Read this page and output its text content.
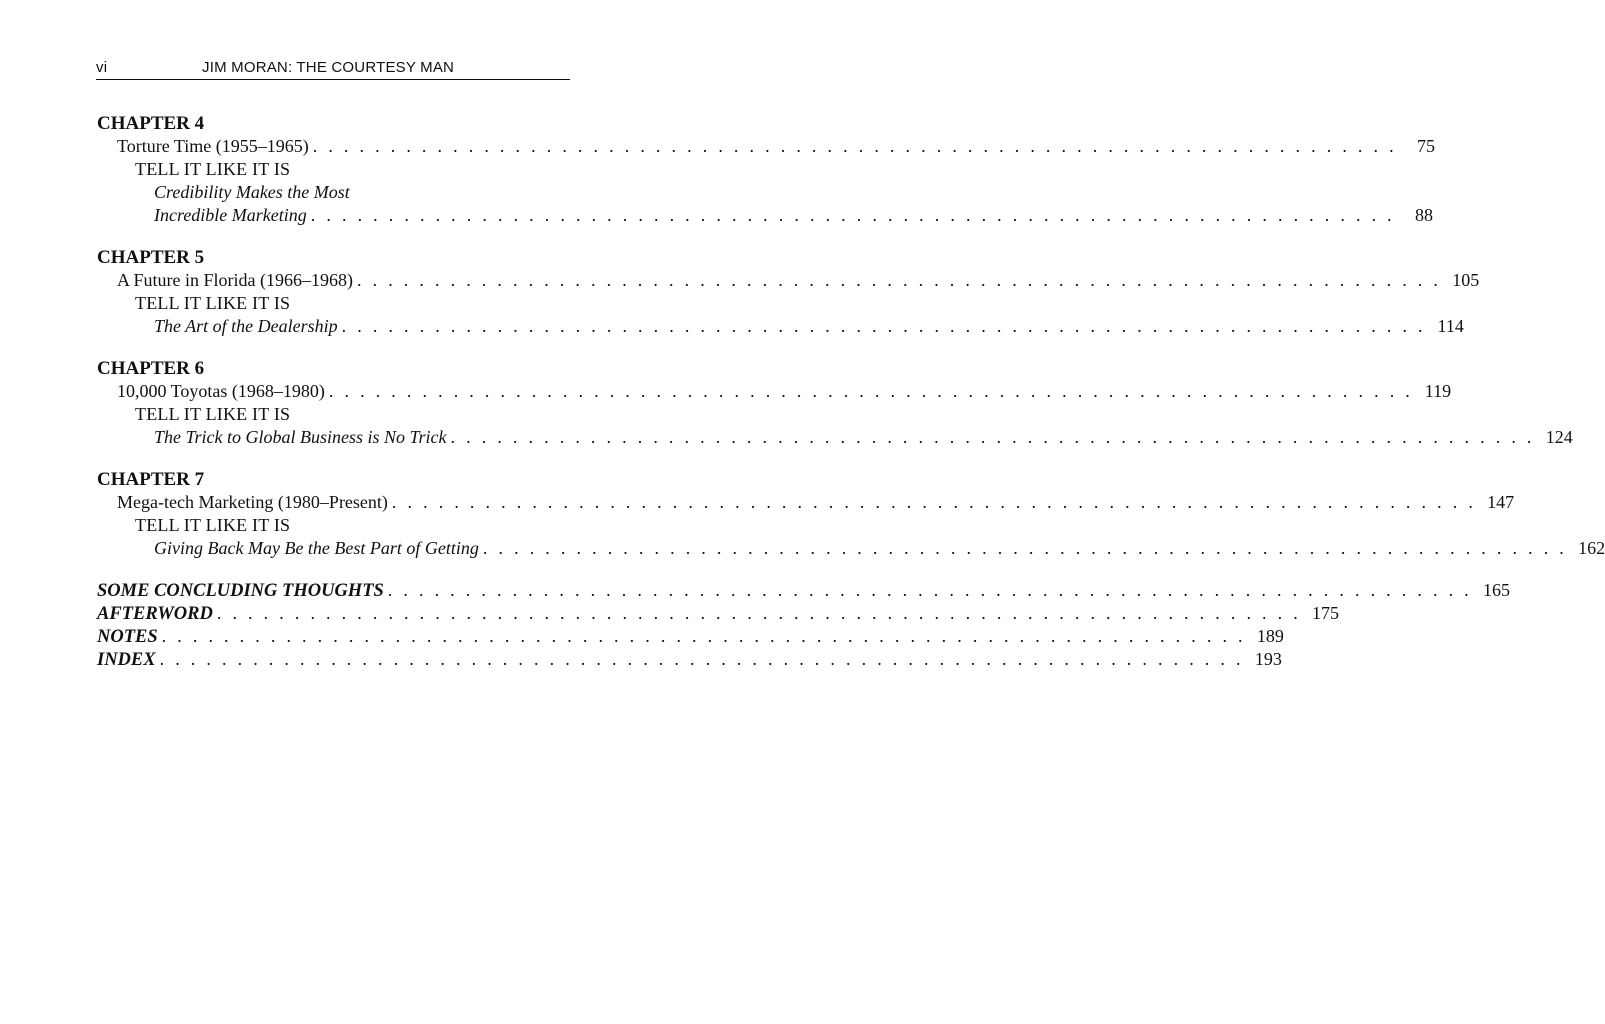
vi	JIM MORAN: THE COURTESY MAN
CHAPTER 4
Torture Time (1955–1965) . . . . . . . . . . . . . . . . . . . . . . . . . . . . . . . . . . . . . . . . . . . . . . . . . . . . . . . . . . . . . . . . . . . . . .	75
TELL IT LIKE IT IS
Credibility Makes the Most
Incredible Marketing . . . . . . . . . . . . . . . . . . . . . . . . . . . . . . . . . . . . . . . . . . . . . . . . . . . . . . . . . . . . . . . . . . . . . .	88
CHAPTER 5
A Future in Florida (1966–1968) . . . . . . . . . . . . . . . . . . . . . . . . . . . . . . . . . . . . . . . . . . . . . . . . . . . . . . . . . . . . . . . . . . . . . . 105
TELL IT LIKE IT IS
The Art of the Dealership . . . . . . . . . . . . . . . . . . . . . . . . . . . . . . . . . . . . . . . . . . . . . . . . . . . . . . . . . . . . . . . . . . . . . . 114
CHAPTER 6
10,000 Toyotas (1968–1980) . . . . . . . . . . . . . . . . . . . . . . . . . . . . . . . . . . . . . . . . . . . . . . . . . . . . . . . . . . . . . . . . . . . . . . 119
TELL IT LIKE IT IS
The Trick to Global Business is No Trick . . . . . . . . . . . . . . . . . . . . . . . . . . . . . . . . . . . . . . . . . . . . . . . . . . . . . . . . . . . . . . . . . . . . . . 124
CHAPTER 7
Mega-tech Marketing (1980–Present) . . . . . . . . . . . . . . . . . . . . . . . . . . . . . . . . . . . . . . . . . . . . . . . . . . . . . . . . . . . . . . . . . . . . . . 147
TELL IT LIKE IT IS
Giving Back May Be the Best Part of Getting . . . . . . . . . . . . . . . . . . . . . . . . . . . . . . . . . . . . . . . . . . . . . . . . . . . . . . . . . . . . . . . . . . . . . . 162
SOME CONCLUDING THOUGHTS . . . . . . . . . . . . . . . . . . . . . . . . . . . . . . . . . . . . . . . . . . . . . . . . . . . . . . . . . . . . . . . . . . . . . . 165
AFTERWORD . . . . . . . . . . . . . . . . . . . . . . . . . . . . . . . . . . . . . . . . . . . . . . . . . . . . . . . . . . . . . . . . . . . . . . 175
NOTES . . . . . . . . . . . . . . . . . . . . . . . . . . . . . . . . . . . . . . . . . . . . . . . . . . . . . . . . . . . . . . . . . . . . . . 189
INDEX . . . . . . . . . . . . . . . . . . . . . . . . . . . . . . . . . . . . . . . . . . . . . . . . . . . . . . . . . . . . . . . . . . . . . . 193
